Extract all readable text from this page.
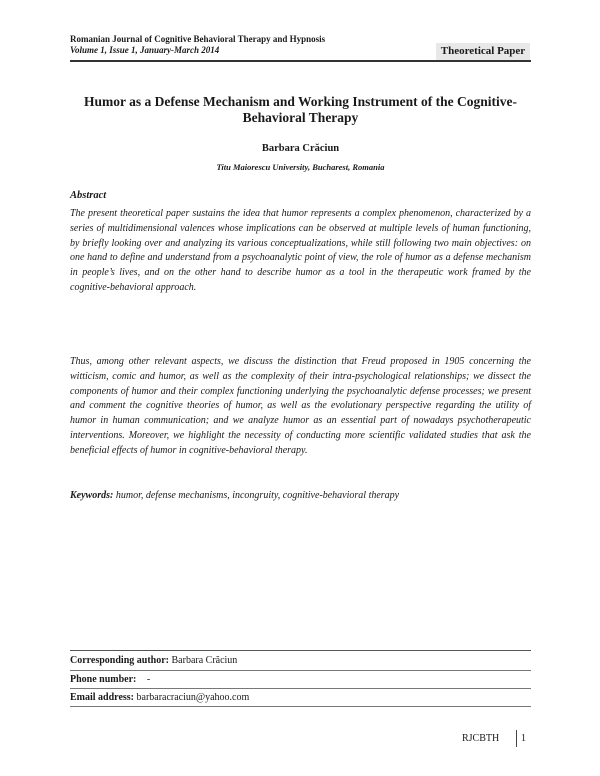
Romanian Journal of Cognitive Behavioral Therapy and Hypnosis
Volume 1, Issue 1, January-March 2014	Theoretical Paper
Humor as a Defense Mechanism and Working Instrument of the Cognitive-Behavioral Therapy
Barbara Crăciun
Titu Maiorescu University, Bucharest, Romania
Abstract

The present theoretical paper sustains the idea that humor represents a complex phenomenon, characterized by a series of multidimensional valences whose implications can be observed at multiple levels of human functioning, by briefly looking over and analyzing its various conceptualizations, while still following two main objectives: on one hand to define and understand from a psychoanalytic point of view, the role of humor as a defense mechanism in people’s lives, and on the other hand to describe humor as a tool in the therapeutic work framed by the cognitive-behavioral approach.

Thus, among other relevant aspects, we discuss the distinction that Freud proposed in 1905 concerning the witticism, comic and humor, as well as the complexity of their intra-psychological relationships; we dissect the components of humor and their complex functioning underlying the psychoanalytic defense processes; we present and comment the cognitive theories of humor, as well as the evolutionary perspective regarding the utility of humor in human communication; and we analyze humor as an essential part of nowadays psychotherapeutic interventions. Moreover, we highlight the necessity of conducting more scientific validated studies that ask the beneficial effects of humor in cognitive-behavioral therapy.

Keywords: humor, defense mechanisms, incongruity, cognitive-behavioral therapy
Corresponding author: Barbara Crăciun
Phone number: -
Email address: barbaracraciun@yahoo.com
RJCBTH 1
